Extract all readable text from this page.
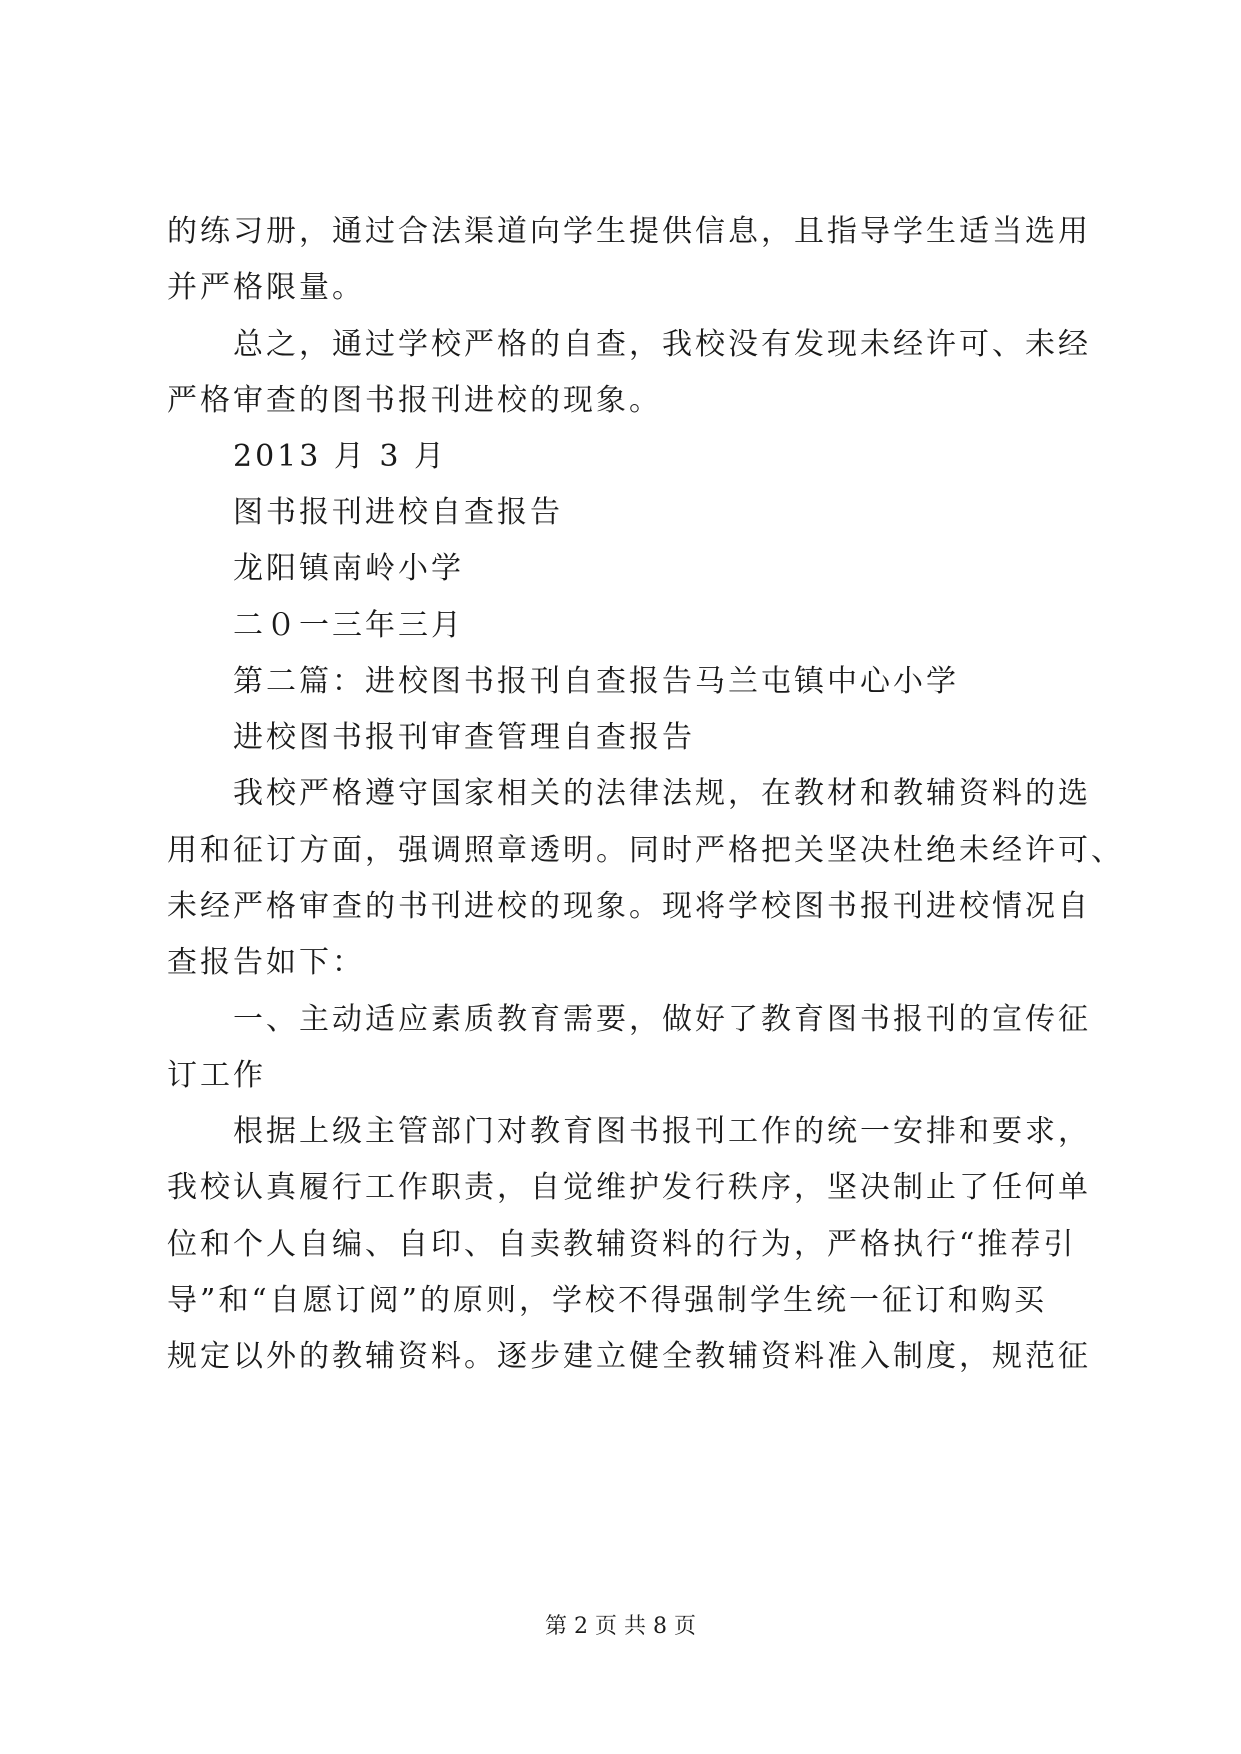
的练习册，通过合法渠道向学生提供信息，且指导学生适当选用
并严格限量。
　　总之，通过学校严格的自查，我校没有发现未经许可、未经
严格审查的图书报刊进校的现象。
　　2013 月 3 月
　　图书报刊进校自查报告
　　龙阳镇南岭小学
　　二０一三年三月
　　第二篇：进校图书报刊自查报告马兰屯镇中心小学
　　进校图书报刊审查管理自查报告
　　我校严格遵守国家相关的法律法规，在教材和教辅资料的选
用和征订方面，强调照章透明。同时严格把关坚决杜绝未经许可、
未经严格审查的书刊进校的现象。现将学校图书报刊进校情况自
查报告如下：
　　一、主动适应素质教育需要，做好了教育图书报刊的宣传征
订工作
　　根据上级主管部门对教育图书报刊工作的统一安排和要求，
我校认真履行工作职责，自觉维护发行秩序，坚决制止了任何单
位和个人自编、自印、自卖教辅资料的行为，严格执行“推荐引
导”和“自愿订阅”的原则，学校不得强制学生统一征订和购买
规定以外的教辅资料。逐步建立健全教辅资料准入制度，规范征
第 2 页 共 8 页
